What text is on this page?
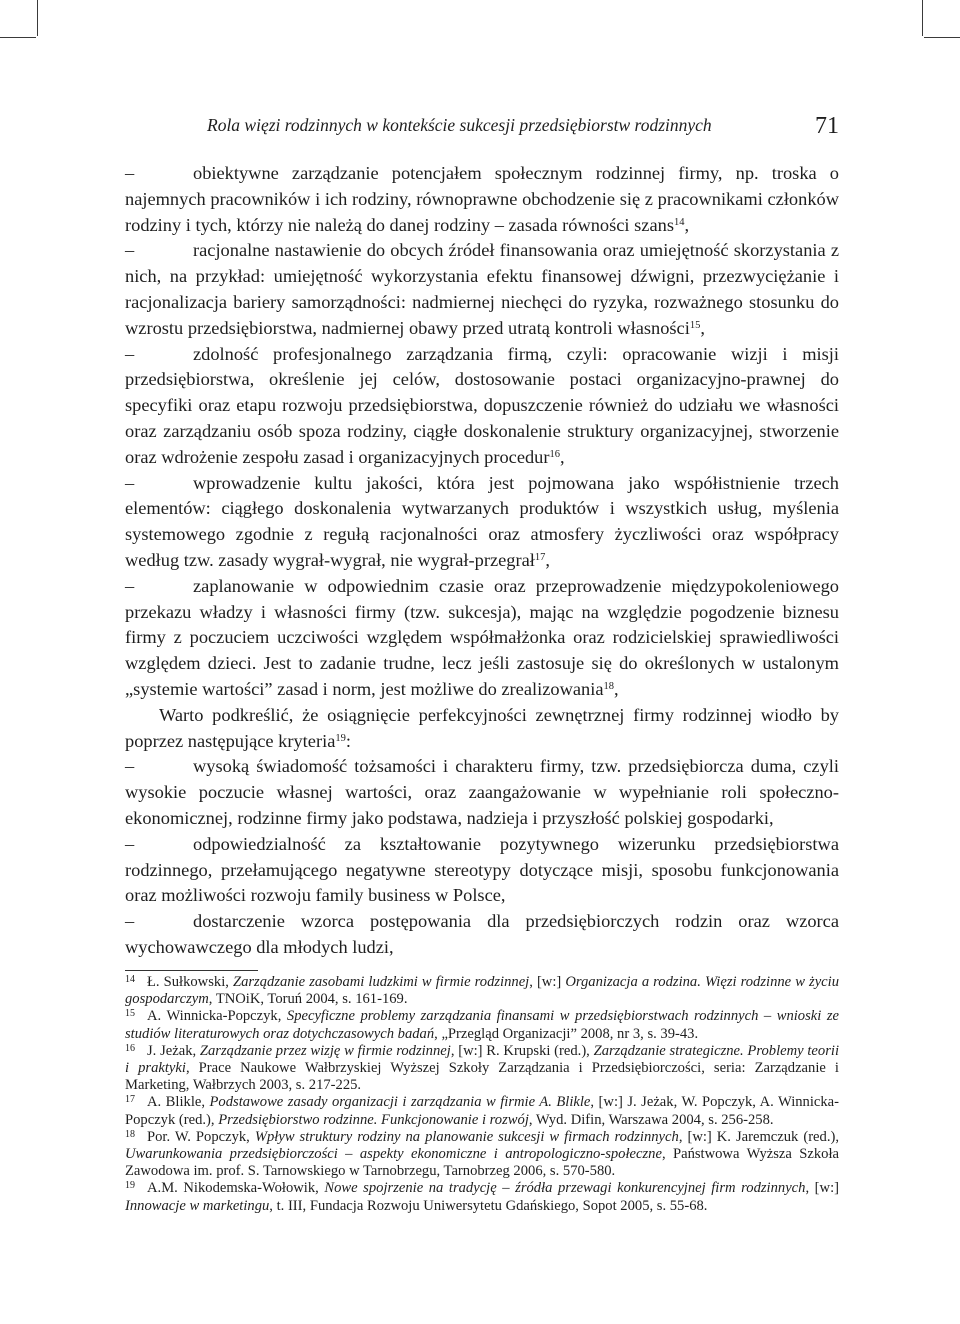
Rola więzi rodzinnych w kontekście sukcesji przedsiębiorstw rodzinnych	71

–	obiektywne zarządzanie potencjałem społecznym rodzinnej firmy, np. troska o najemnych pracowników i ich rodziny, równoprawne obchodzenie się z pracownikami członków rodziny i tych, którzy nie należą do danej rodziny – zasada równości szans$^{14}$,

–	racjonalne nastawienie do obcych źródeł finansowania oraz umiejętność skorzystania z nich, na przykład: umiejętność wykorzystania efektu finansowej dźwigni, przezwyciężanie i racjonalizacja bariery samorządności: nadmiernej niechęci do ryzyka, rozważnego stosunku do wzrostu przedsiębiorstwa, nadmiernej obawy przed utratą kontroli własności$^{15}$,

–	zdolność profesjonalnego zarządzania firmą, czyli: opracowanie wizji i misji przedsiębiorstwa, określenie jej celów, dostosowanie postaci organizacyjno-prawnej do specyfiki oraz etapu rozwoju przedsiębiorstwa, dopuszczenie również do udziału we własności oraz zarządzaniu osób spoza rodziny, ciągłe doskonalenie struktury organizacyjnej, stworzenie oraz wdrożenie zespołu zasad i organizacyjnych procedur$^{16}$,

–	wprowadzenie kultu jakości, która jest pojmowana jako współistnienie trzech elementów: ciągłego doskonalenia wytwarzanych produktów i wszystkich usług, myślenia systemowego zgodnie z regułą racjonalności oraz atmosfery życzliwości oraz współpracy według tzw. zasady wygrał-wygrał, nie wygrał-przegrał$^{17}$,

–	zaplanowanie w odpowiednim czasie oraz przeprowadzenie międzypokoleniowego przekazu władzy i własności firmy (tzw. sukcesja), mając na względzie pogodzenie biznesu firmy z poczuciem uczciwości względem współmałżonka oraz rodzicielskiej sprawiedliwości względem dzieci. Jest to zadanie trudne, lecz jeśli zastosuje się do określonych w ustalonym „systemie wartości” zasad i norm, jest możliwe do zrealizowania$^{18}$,

Warto podkreślić, że osiągnięcie perfekcyjności zewnętrznej firmy rodzinnej wiodło by poprzez następujące kryteria$^{19}$:

–	wysoką świadomość tożsamości i charakteru firmy, tzw. przedsiębiorcza duma, czyli wysokie poczucie własnej wartości, oraz zaangażowanie w wypełnianie roli społeczno-ekonomicznej, rodzinne firmy jako podstawa, nadzieja i przyszłość polskiej gospodarki,

–	odpowiedzialność za kształtowanie pozytywnego wizerunku przedsiębiorstwa rodzinnego, przełamującego negatywne stereotypy dotyczące misji, sposobu funkcjonowania oraz możliwości rozwoju family business w Polsce,

–	dostarczenie wzorca postępowania dla przedsiębiorczych rodzin oraz wzorca wychowawczego dla młodych ludzi,

$^{14}$ Ł. Sułkowski, Zarządzanie zasobami ludzkimi w firmie rodzinnej, [w:] Organizacja a rodzina. Więzi rodzinne w życiu gospodarczym, TNOiK, Toruń 2004, s. 161-169.

$^{15}$ A. Winnicka-Popczyk, Specyficzne problemy zarządzania finansami w przedsiębiorstwach rodzinnych – wnioski ze studiów literaturowych oraz dotychczasowych badań, „Przegląd Organizacji” 2008, nr 3, s. 39-43.

$^{16}$ J. Jeżak, Zarządzanie przez wizję w firmie rodzinnej, [w:] R. Krupski (red.), Zarządzanie strategiczne. Problemy teorii i praktyki, Prace Naukowe Wałbrzyskiej Wyższej Szkoły Zarządzania i Przedsiębiorczości, seria: Zarządzanie i Marketing, Wałbrzych 2003, s. 217-225.

$^{17}$ A. Blikle, Podstawowe zasady organizacji i zarządzania w firmie A. Blikle, [w:] J. Jeżak, W. Popczyk, A. Winnicka-Popczyk (red.), Przedsiębiorstwo rodzinne. Funkcjonowanie i rozwój, Wyd. Difin, Warszawa 2004, s. 256-258.

$^{18}$ Por. W. Popczyk, Wpływ struktury rodziny na planowanie sukcesji w firmach rodzinnych, [w:] K. Jaremczuk (red.), Uwarunkowania przedsiębiorczości – aspekty ekonomiczne i antropologiczno-społeczne, Państwowa Wyższa Szkoła Zawodowa im. prof. S. Tarnowskiego w Tarnobrzegu, Tarnobrzeg 2006, s. 570-580.

$^{19}$ A.M. Nikodemska-Wołowik, Nowe spojrzenie na tradycję – źródła przewagi konkurencyjnej firm rodzinnych, [w:] Innowacje w marketingu, t. III, Fundacja Rozwoju Uniwersytetu Gdańskiego, Sopot 2005, s. 55-68.
